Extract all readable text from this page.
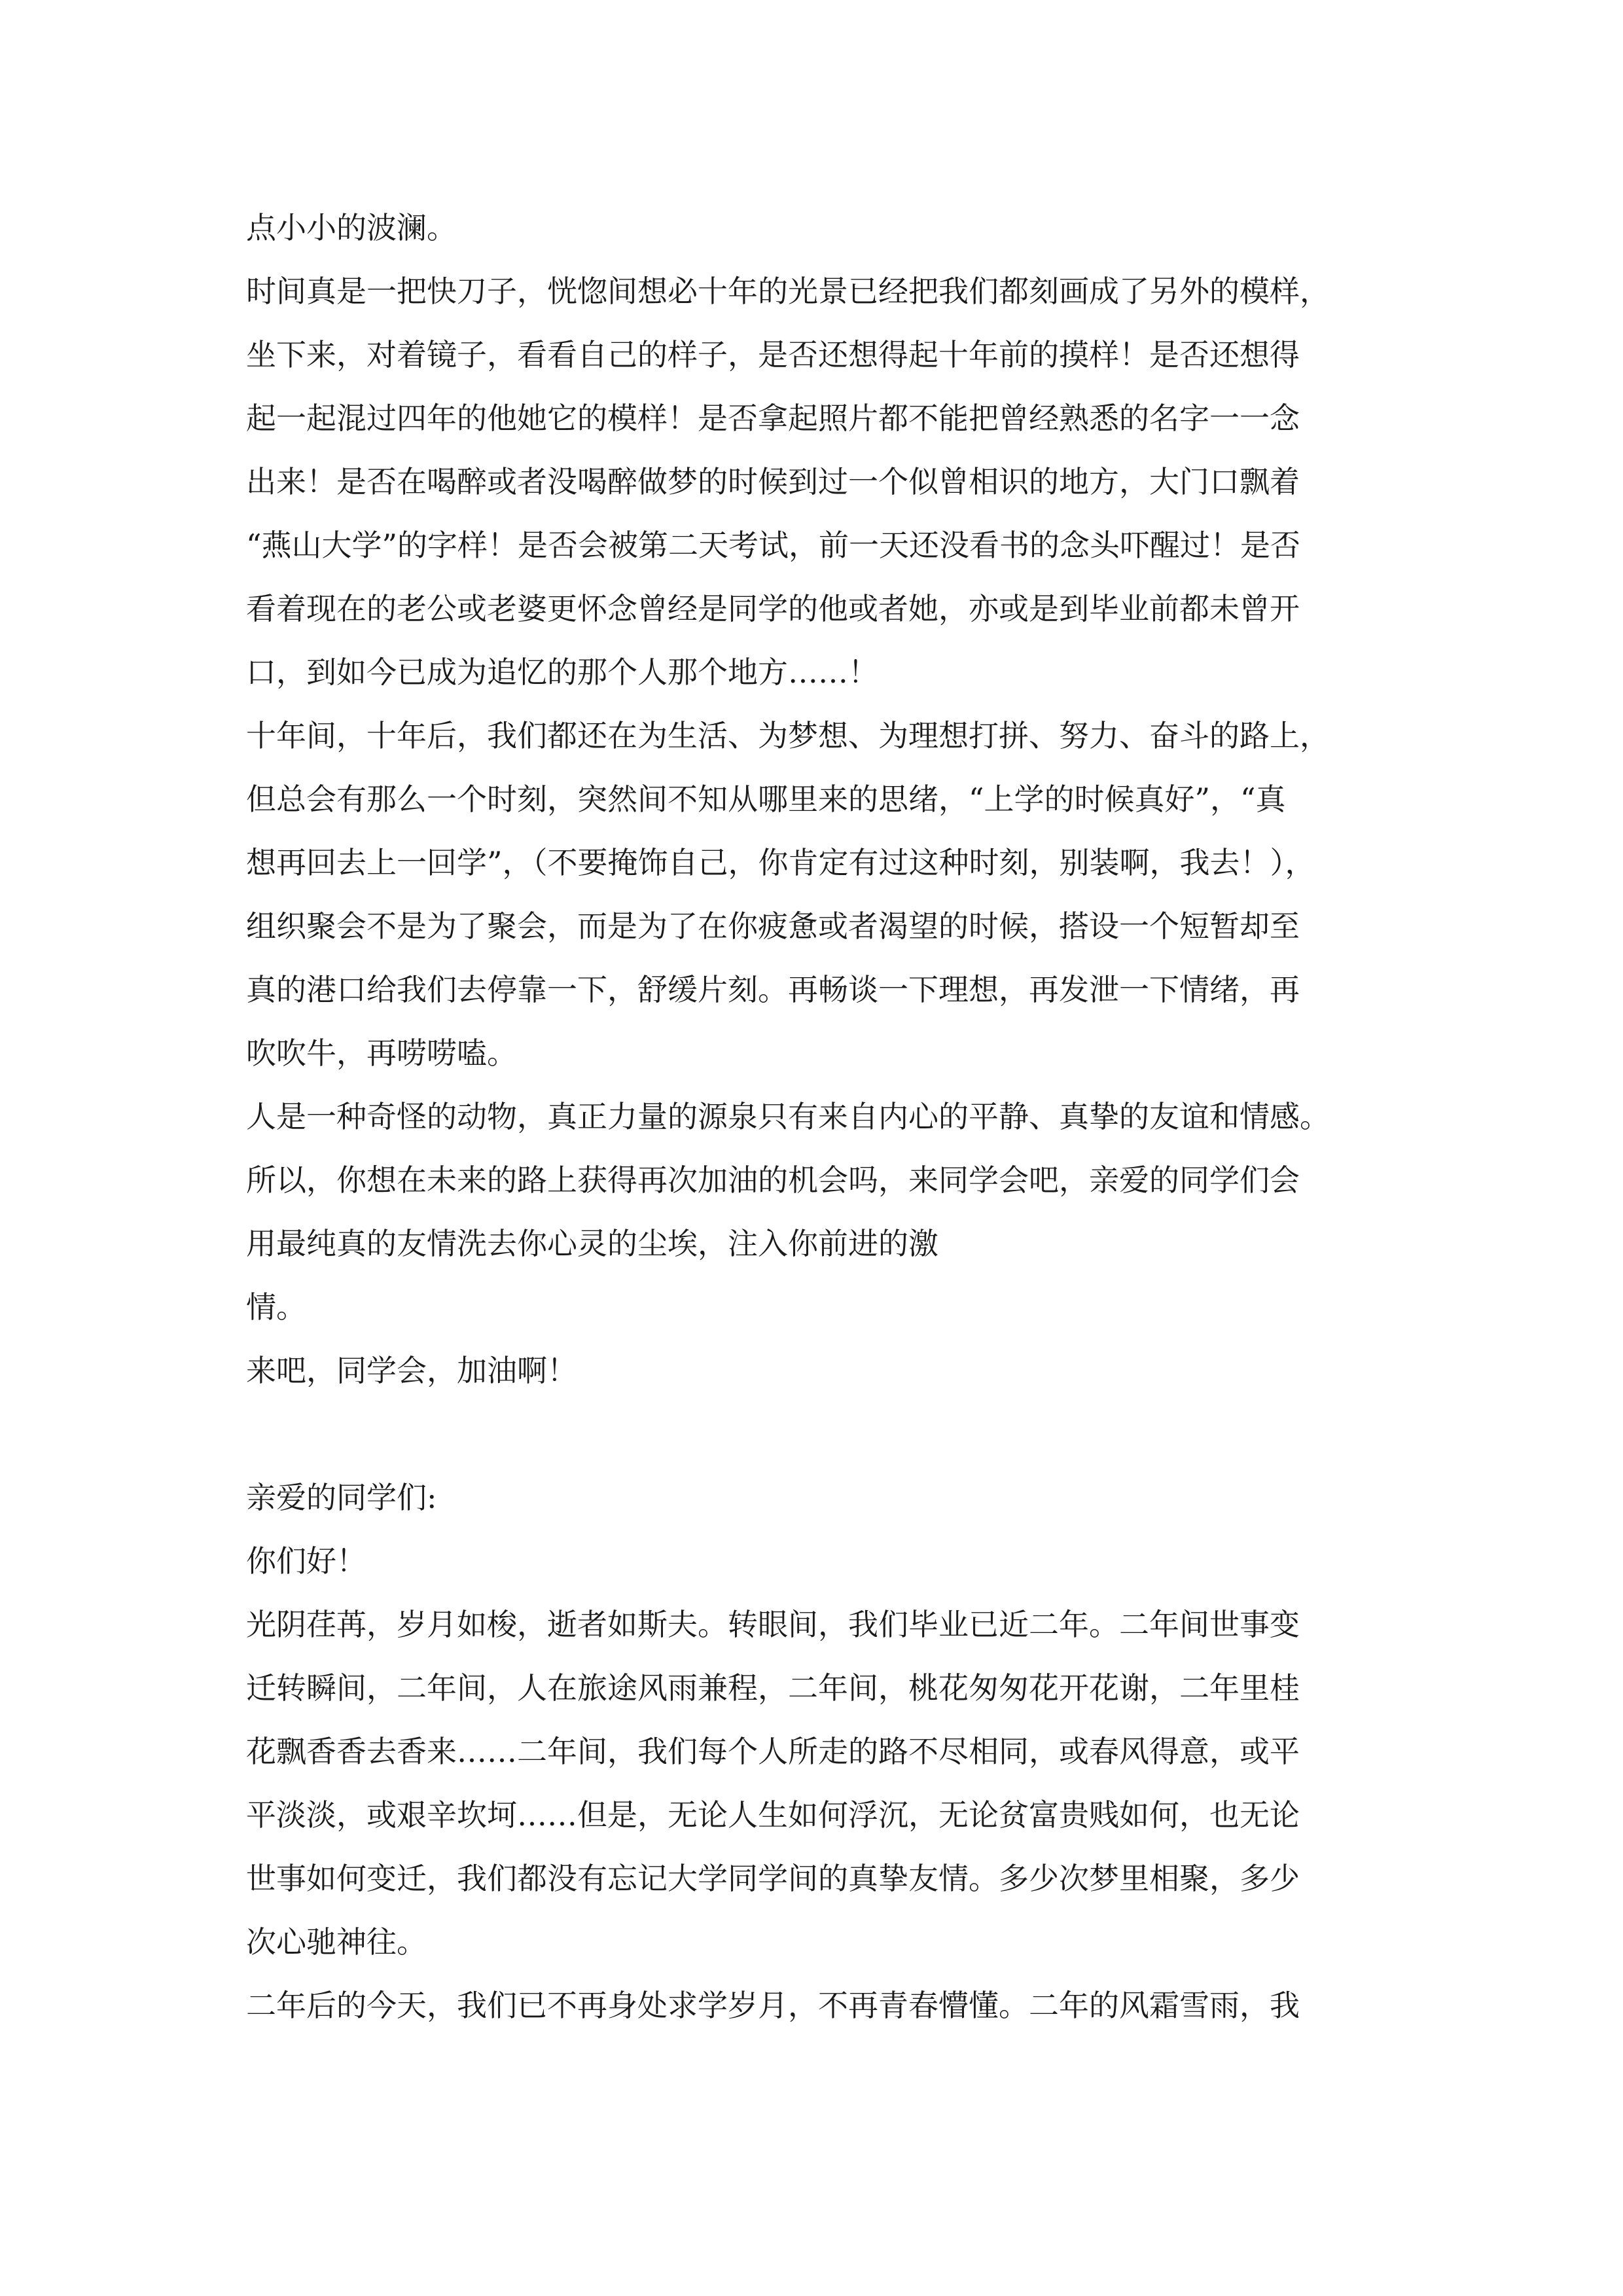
点小小的波澜。
时间真是一把快刀子，恍惚间想必十年的光景已经把我们都刻画成了另外的模样，
坐下来，对着镜子，看看自己的样子，是否还想得起十年前的摸样！是否还想得
起一起混过四年的他她它的模样！是否拿起照片都不能把曾经熟悉的名字一一念
出来！是否在喝醉或者没喝醉做梦的时候到过一个似曾相识的地方，大门口飘着
“燕山大学”的字样！是否会被第二天考试，前一天还没看书的念头吓醒过！是否
看着现在的老公或老婆更怀念曾经是同学的他或者她，亦或是到毕业前都未曾开
口，到如今已成为追忆的那个人那个地方……！
十年间，十年后，我们都还在为生活、为梦想、为理想打拼、努力、奋斗的路上，
但总会有那么一个时刻，突然间不知从哪里来的思绪，“上学的时候真好”，“真
想再回去上一回学”，（不要掩饰自己，你肯定有过这种时刻，别装啊，我去！），
组织聚会不是为了聚会，而是为了在你疲惫或者渴望的时候，搭设一个短暂却至
真的港口给我们去停靠一下，舒缓片刻。再畅谈一下理想，再发泄一下情绪，再
吹吹牛，再唠唠嗑。
人是一种奇怪的动物，真正力量的源泉只有来自内心的平静、真挚的友谊和情感。
所以，你想在未来的路上获得再次加油的机会吗，来同学会吧，亲爱的同学们会
用最纯真的友情洗去你心灵的尘埃，注入你前进的激
情。
来吧，同学会，加油啊！
亲爱的同学们:
你们好！
光阴荏苒，岁月如梭，逝者如斯夫。转眼间，我们毕业已近二年。二年间世事变
迁转瞬间，二年间，人在旅途风雨兼程，二年间，桃花匆匆花开花谢，二年里桂
花飘香香去香来……二年间，我们每个人所走的路不尽相同，或春风得意，或平
平淡淡，或艰辛坎坷……但是，无论人生如何浮沉，无论贫富贵贱如何，也无论
世事如何变迁，我们都没有忘记大学同学间的真挚友情。多少次梦里相聚，多少
次心驰神往。
二年后的今天，我们已不再身处求学岁月，不再青春懵懂。二年的风霜雪雨，我
